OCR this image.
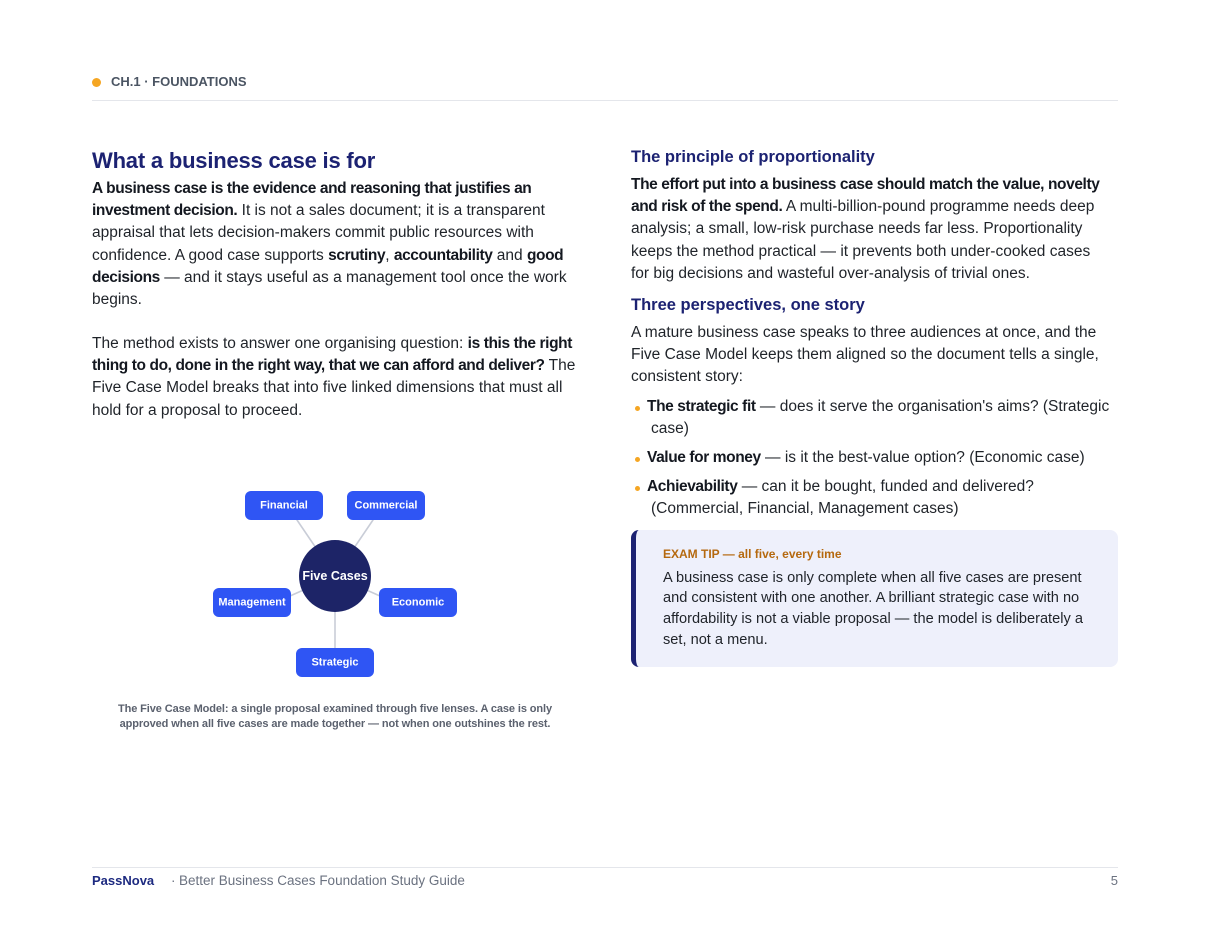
CH.1 · FOUNDATIONS
What a business case is for
A business case is the evidence and reasoning that justifies an
investment decision. It is not a sales document; it is a transparent
appraisal that lets decision-makers commit public resources with
confidence. A good case supports scrutiny, accountability and good
decisions — and it stays useful as a management tool once the work
begins.
The method exists to answer one organising question: is this the right
thing to do, done in the right way, that we can afford and deliver? The
Five Case Model breaks that into five linked dimensions that must all
hold for a proposal to proceed.
Five Cases
Financial	Commercial
Management	Economic
Strategic
The Five Case Model: a single proposal examined through five lenses. A case is only
approved when all five cases are made together — not when one outshines the rest.
The principle of proportionality
The effort put into a business case should match the value, novelty
and risk of the spend. A multi-billion-pound programme needs deep
analysis; a small, low-risk purchase needs far less. Proportionality
keeps the method practical — it prevents both under-cooked cases
for big decisions and wasteful over-analysis of trivial ones.
Three perspectives, one story
A mature business case speaks to three audiences at once, and the
Five Case Model keeps them aligned so the document tells a single,
consistent story:
The strategic fit — does it serve the organisation's aims? (Strategic
case)
Value for money — is it the best-value option? (Economic case)
Achievability — can it be bought, funded and delivered?
(Commercial, Financial, Management cases)
EXAM TIP — all five, every time
A business case is only complete when all five cases are present
and consistent with one another. A brilliant strategic case with no
affordability is not a viable proposal — the model is deliberately a
set, not a menu.
PassNova · Better Business Cases Foundation Study Guide	5
